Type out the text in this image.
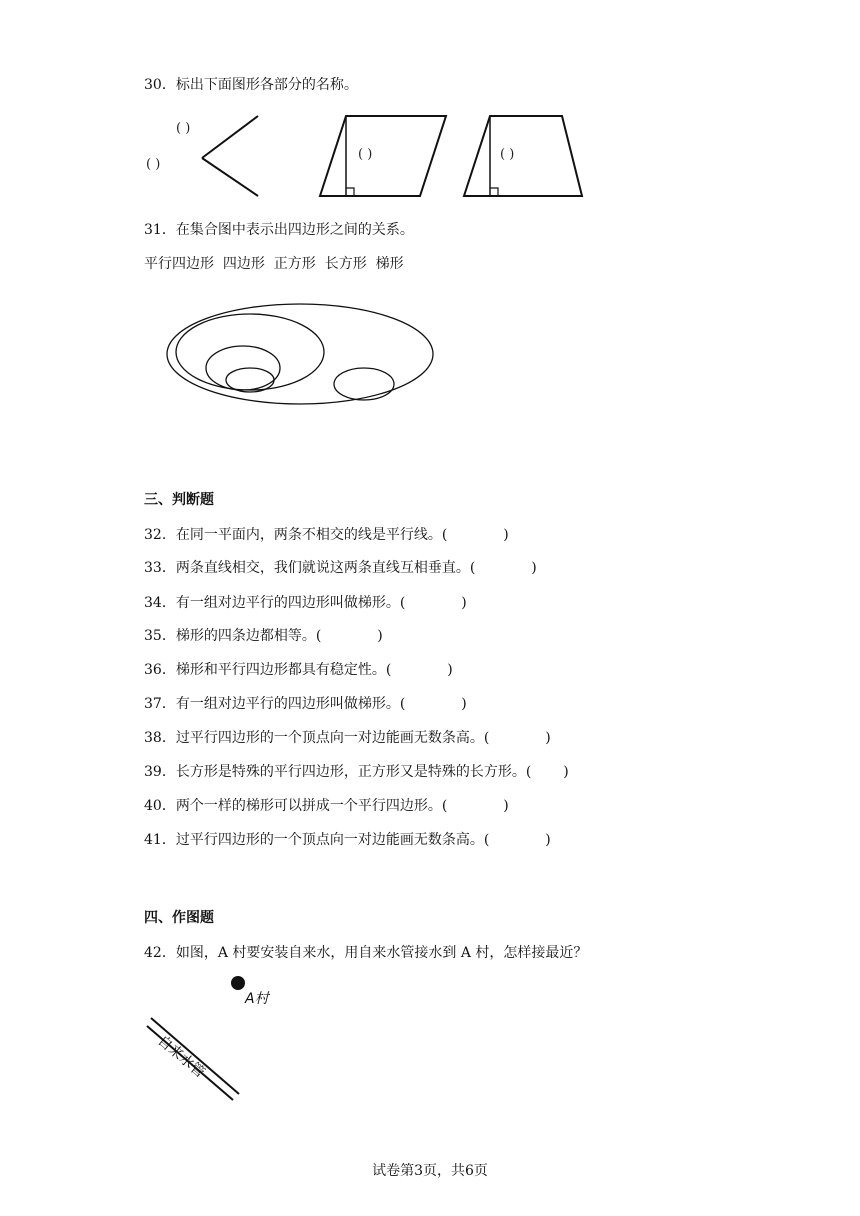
30．标出下面图形各部分的名称。
( )
( )
( )	( )
31．在集合图中表示出四边形之间的关系。
平行四边形  四边形  正方形  长方形  梯形
三、判断题
32．在同一平面内，两条不相交的线是平行线。(	)
33．两条直线相交，我们就说这两条直线互相垂直。(	)
34．有一组对边平行的四边形叫做梯形。(	)
35．梯形的四条边都相等。(	)
36．梯形和平行四边形都具有稳定性。(	)
37．有一组对边平行的四边形叫做梯形。(	)
38．过平行四边形的一个顶点向一对边能画无数条高。(	)
39．长方形是特殊的平行四边形，正方形又是特殊的长方形。( )
40．两个一样的梯形可以拼成一个平行四边形。(	)
41．过平行四边形的一个顶点向一对边能画无数条高。(	)
四、作图题
42．如图，A 村要安装自来水，用自来水管接水到 A 村，怎样接最近？
A村
自来水管
试卷第3页，共6页
